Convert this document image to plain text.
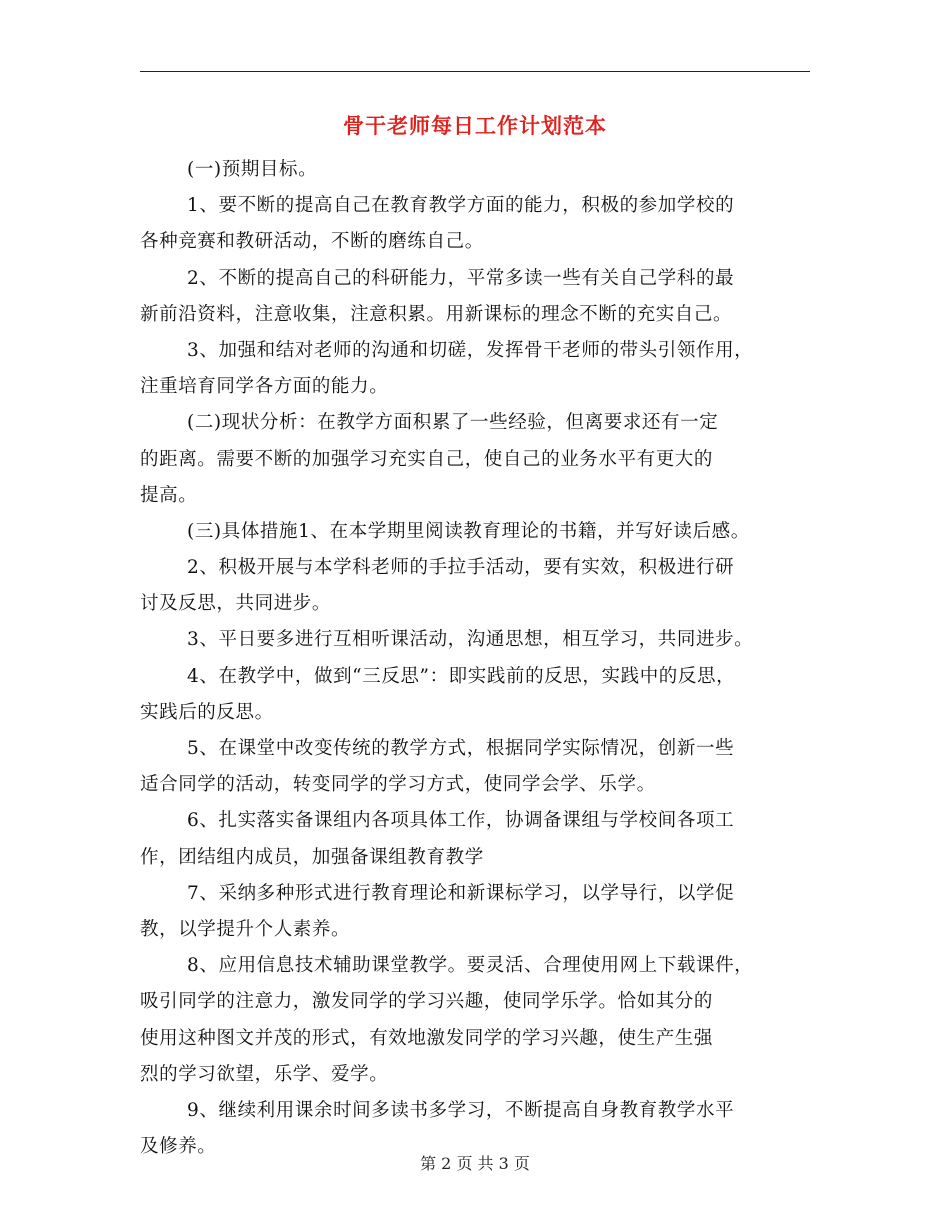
骨干老师每日工作计划范本
(一)预期目标。
1、要不断的提高自己在教育教学方面的能力，积极的参加学校的
各种竞赛和教研活动，不断的磨练自己。
2、不断的提高自己的科研能力，平常多读一些有关自己学科的最
新前沿资料，注意收集，注意积累。用新课标的理念不断的充实自己。
3、加强和结对老师的沟通和切磋，发挥骨干老师的带头引领作用，
注重培育同学各方面的能力。
(二)现状分析：在教学方面积累了一些经验，但离要求还有一定
的距离。需要不断的加强学习充实自己，使自己的业务水平有更大的
提高。
(三)具体措施1、在本学期里阅读教育理论的书籍，并写好读后感。
2、积极开展与本学科老师的手拉手活动，要有实效，积极进行研
讨及反思，共同进步。
3、平日要多进行互相听课活动，沟通思想，相互学习，共同进步。
4、在教学中，做到“三反思”：即实践前的反思，实践中的反思，
实践后的反思。
5、在课堂中改变传统的教学方式，根据同学实际情况，创新一些
适合同学的活动，转变同学的学习方式，使同学会学、乐学。
6、扎实落实备课组内各项具体工作，协调备课组与学校间各项工
作，团结组内成员，加强备课组教育教学
7、采纳多种形式进行教育理论和新课标学习，以学导行，以学促
教，以学提升个人素养。
8、应用信息技术辅助课堂教学。要灵活、合理使用网上下载课件，
吸引同学的注意力，激发同学的学习兴趣，使同学乐学。恰如其分的
使用这种图文并茂的形式，有效地激发同学的学习兴趣，使生产生强
烈的学习欲望，乐学、爱学。
9、继续利用课余时间多读书多学习，不断提高自身教育教学水平
及修养。
第 2 页 共 3 页
